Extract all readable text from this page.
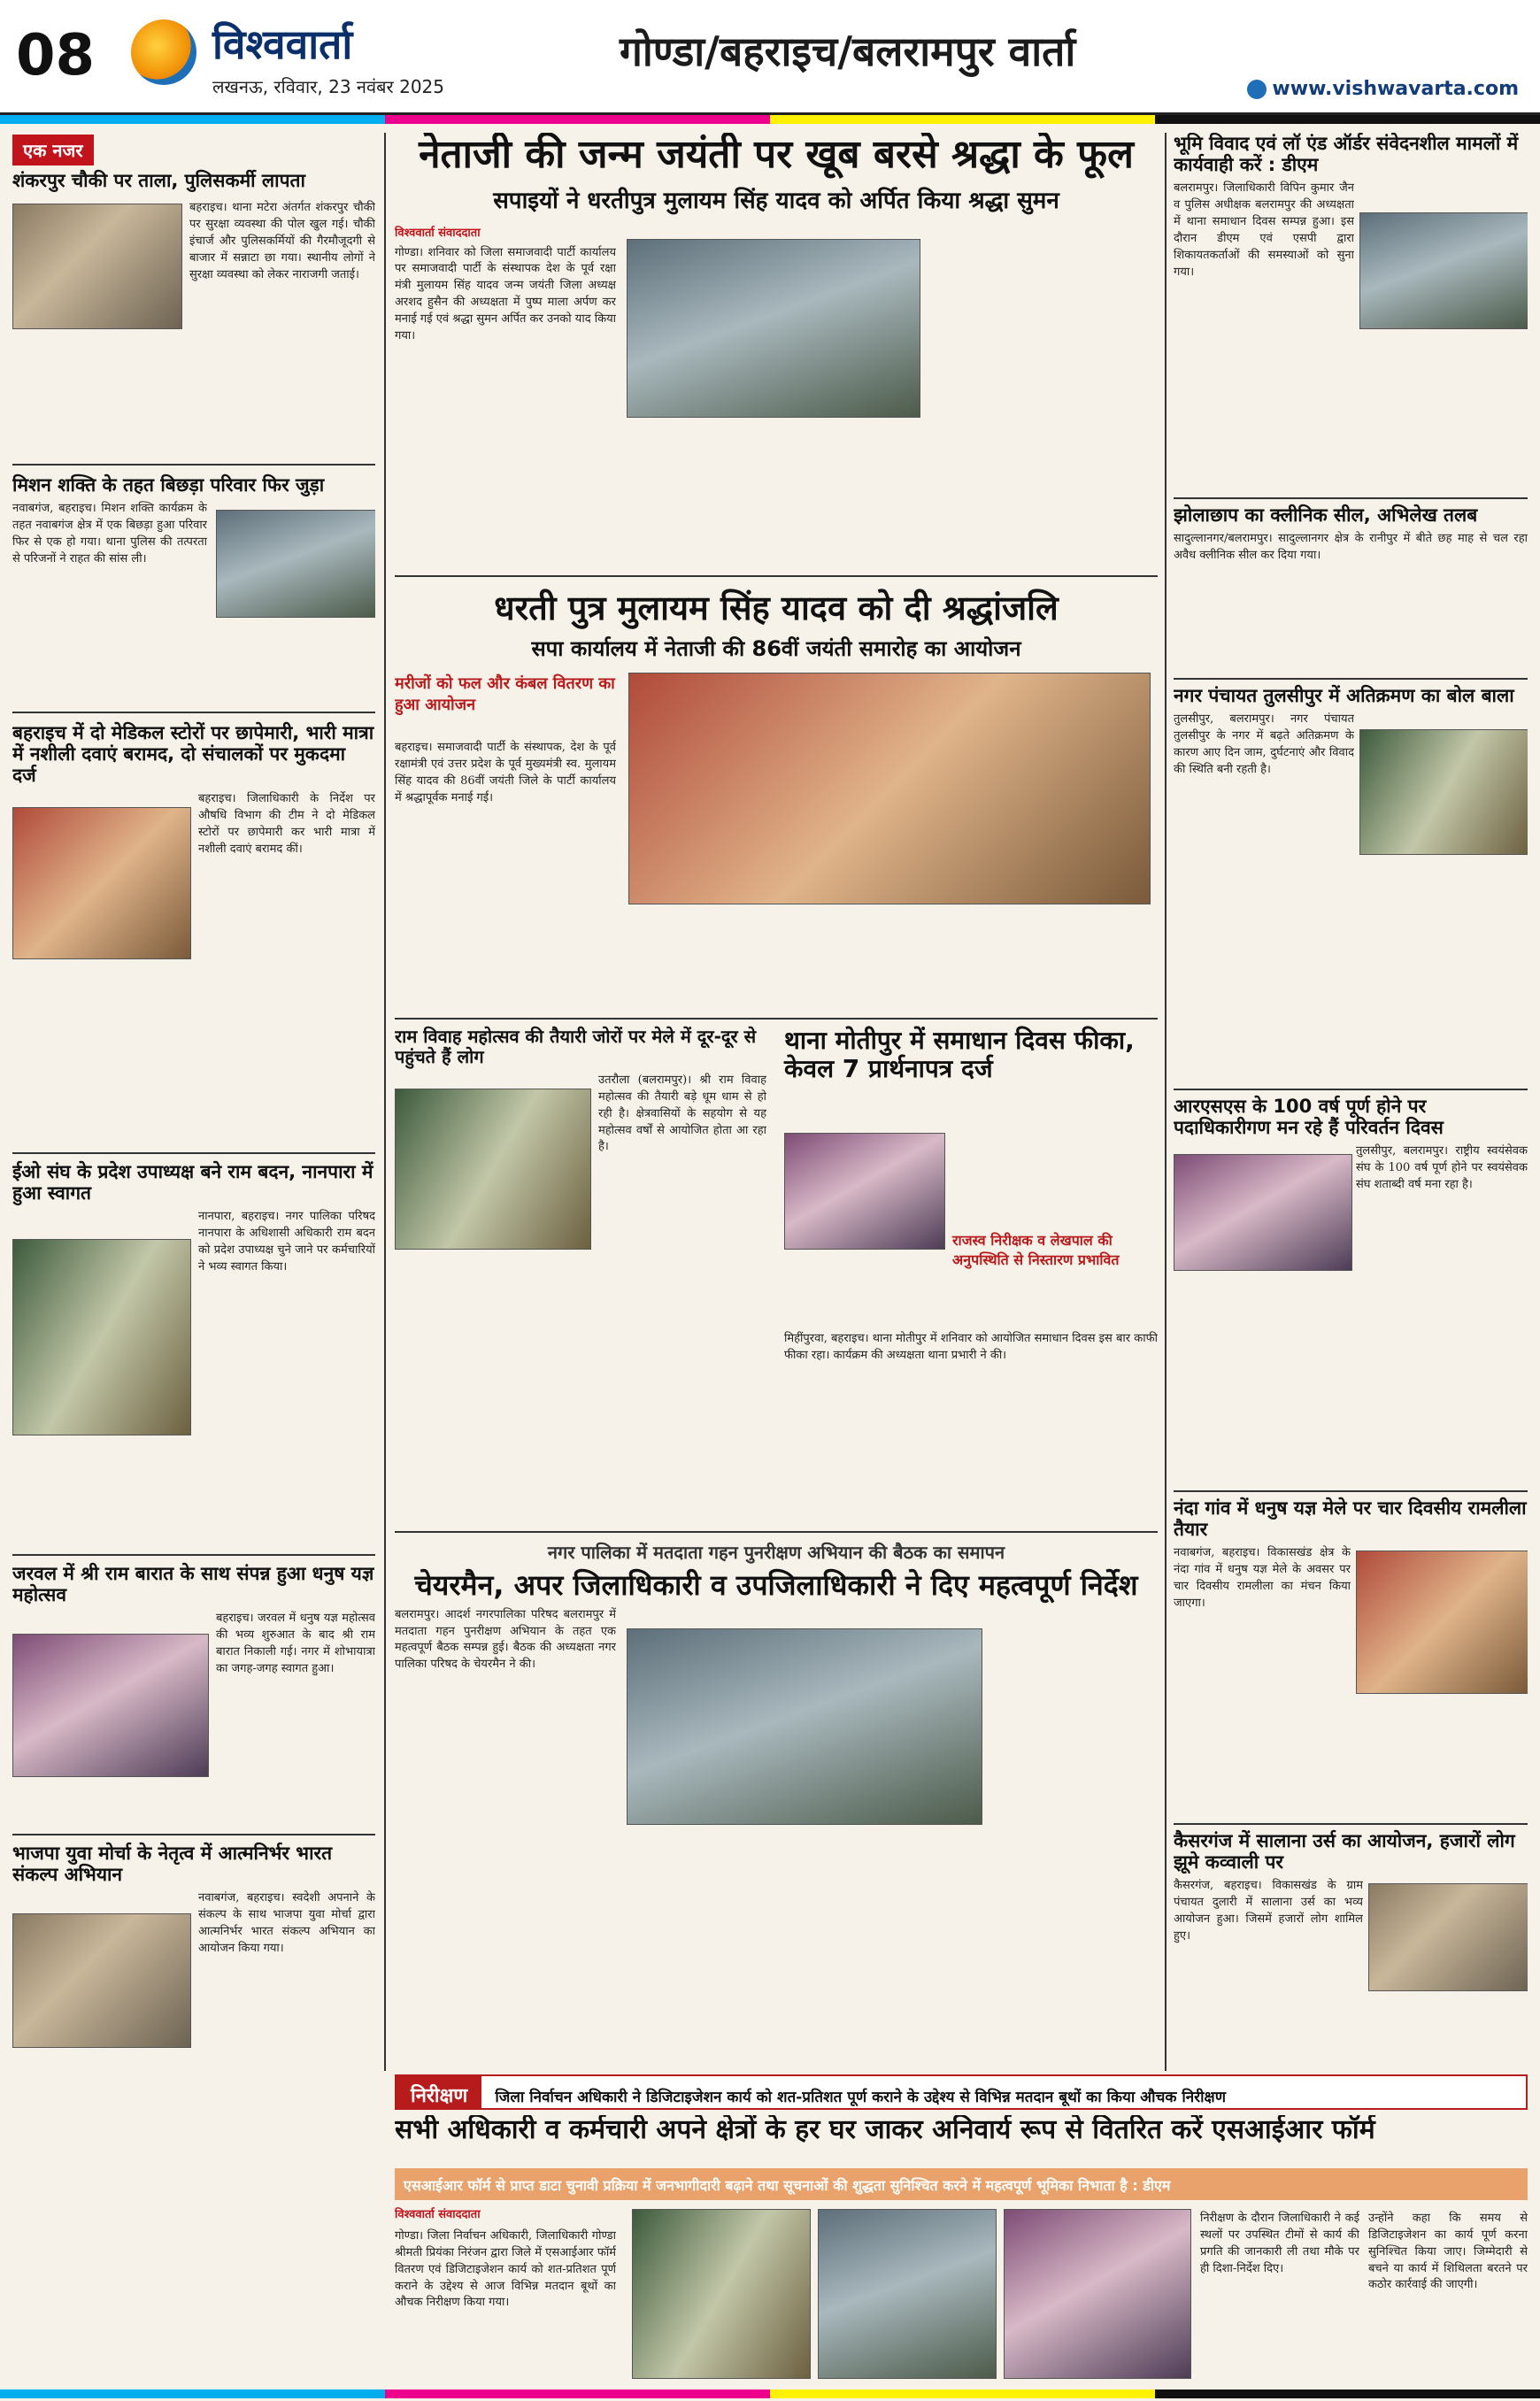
08	विश्ववार्ता
लखनऊ, रविवार, 23 नवंबर 2025
गोण्डा/बहराइच/बलरामपुर वार्ता
www.vishwavarta.com
एक नजर
शंकरपुर चौकी पर ताला, पुलिसकर्मी लापता

बहराइच। थाना मटेरा अंतर्गत शंकरपुर चौकी पर सुरक्षा व्यवस्था की पोल खुल गई। चौकी इंचार्ज और पुलिसकर्मियों की गैरमौजूदगी से बाजार में सन्नाटा छा गया। स्थानीय लोगों ने सुरक्षा व्यवस्था को लेकर नाराजगी जताई।

मिशन शक्ति के तहत बिछड़ा परिवार फिर जुड़ा

नवाबगंज, बहराइच। मिशन शक्ति कार्यक्रम के तहत नवाबगंज क्षेत्र में एक बिछड़ा हुआ परिवार फिर से एक हो गया। थाना पुलिस की तत्परता से परिजनों ने राहत की सांस ली।

बहराइच में दो मेडिकल स्टोरों पर छापेमारी, भारी मात्रा में नशीली दवाएं बरामद, दो संचालकों पर मुकदमा दर्ज

बहराइच। जिलाधिकारी के निर्देश पर औषधि विभाग की टीम ने दो मेडिकल स्टोरों पर छापेमारी कर भारी मात्रा में नशीली दवाएं बरामद कीं।

ईओ संघ के प्रदेश उपाध्यक्ष बने राम बदन, नानपारा में हुआ स्वागत

नानपारा, बहराइच। नगर पालिका परिषद नानपारा के अधिशासी अधिकारी राम बदन को प्रदेश उपाध्यक्ष चुने जाने पर कर्मचारियों ने भव्य स्वागत किया।

जरवल में श्री राम बारात के साथ संपन्न हुआ धनुष यज्ञ महोत्सव

बहराइच। जरवल में धनुष यज्ञ महोत्सव की भव्य शुरुआत के बाद श्री राम बारात निकाली गई। नगर में शोभायात्रा का जगह-जगह स्वागत हुआ।

भाजपा युवा मोर्चा के नेतृत्व में आत्मनिर्भर भारत संकल्प अभियान

नवाबगंज, बहराइच। स्वदेशी अपनाने के संकल्प के साथ भाजपा युवा मोर्चा द्वारा आत्मनिर्भर भारत संकल्प अभियान का आयोजन किया गया।

नेताजी की जन्म जयंती पर खूब बरसे श्रद्धा के फूल
सपाइयों ने धरतीपुत्र मुलायम सिंह यादव को अर्पित किया श्रद्धा सुमन
विश्ववार्ता संवाददाता

गोण्डा। शनिवार को जिला समाजवादी पार्टी कार्यालय पर समाजवादी पार्टी के संस्थापक देश के पूर्व रक्षा मंत्री मुलायम सिंह यादव जन्म जयंती जिला अध्यक्ष अरशद हुसैन की अध्यक्षता में पुष्प माला अर्पण कर मनाई गई एवं श्रद्धा सुमन अर्पित कर उनको याद किया गया।

धरती पुत्र मुलायम सिंह यादव को दी श्रद्धांजलि
सपा कार्यालय में नेताजी की 86वीं जयंती समारोह का आयोजन
मरीजों को फल और कंबल वितरण का हुआ आयोजन

बहराइच। समाजवादी पार्टी के संस्थापक, देश के पूर्व रक्षामंत्री एवं उत्तर प्रदेश के पूर्व मुख्यमंत्री स्व. मुलायम सिंह यादव की 86वीं जयंती जिले के पार्टी कार्यालय में श्रद्धापूर्वक मनाई गई।

राम विवाह महोत्सव की तैयारी जोरों पर मेले में दूर-दूर से पहुंचते हैं लोग

उतरौला (बलरामपुर)। श्री राम विवाह महोत्सव की तैयारी बड़े धूम धाम से हो रही है। क्षेत्रवासियों के सहयोग से यह महोत्सव वर्षों से आयोजित होता आ रहा है।

थाना मोतीपुर में समाधान दिवस फीका, केवल 7 प्रार्थनापत्र दर्ज
राजस्व निरीक्षक व लेखपाल की अनुपस्थिति से निस्तारण प्रभावित

मिहींपुरवा, बहराइच। थाना मोतीपुर में शनिवार को आयोजित समाधान दिवस इस बार काफी फीका रहा। कार्यक्रम की अध्यक्षता थाना प्रभारी ने की।

नगर पालिका में मतदाता गहन पुनरीक्षण अभियान की बैठक का समापन
चेयरमैन, अपर जिलाधिकारी व उपजिलाधिकारी ने दिए महत्वपूर्ण निर्देश

बलरामपुर। आदर्श नगरपालिका परिषद बलरामपुर में मतदाता गहन पुनरीक्षण अभियान के तहत एक महत्वपूर्ण बैठक सम्पन्न हुई। बैठक की अध्यक्षता नगर पालिका परिषद के चेयरमैन ने की।

भूमि विवाद एवं लॉ एंड ऑर्डर संवेदनशील मामलों में कार्यवाही करें : डीएम

बलरामपुर। जिलाधिकारी विपिन कुमार जैन व पुलिस अधीक्षक बलरामपुर की अध्यक्षता में थाना समाधान दिवस सम्पन्न हुआ। इस दौरान डीएम एवं एसपी द्वारा शिकायतकर्ताओं की समस्याओं को सुना गया।

झोलाछाप का क्लीनिक सील, अभिलेख तलब

सादुल्लानगर/बलरामपुर। सादुल्लानगर क्षेत्र के रानीपुर में बीते छह माह से चल रहा अवैध क्लीनिक सील कर दिया गया।

नगर पंचायत तुलसीपुर में अतिक्रमण का बोल बाला

तुलसीपुर, बलरामपुर। नगर पंचायत तुलसीपुर के नगर में बढ़ते अतिक्रमण के कारण आए दिन जाम, दुर्घटनाएं और विवाद की स्थिति बनी रहती है।

आरएसएस के 100 वर्ष पूर्ण होने पर पदाधिकारीगण मन रहे हैं परिवर्तन दिवस

तुलसीपुर, बलरामपुर। राष्ट्रीय स्वयंसेवक संघ के 100 वर्ष पूर्ण होने पर स्वयंसेवक संघ शताब्दी वर्ष मना रहा है।

नंदा गांव में धनुष यज्ञ मेले पर चार दिवसीय रामलीला तैयार

नवाबगंज, बहराइच। विकासखंड क्षेत्र के नंदा गांव में धनुष यज्ञ मेले के अवसर पर चार दिवसीय रामलीला का मंचन किया जाएगा।

कैसरगंज में सालाना उर्स का आयोजन, हजारों लोग झूमे कव्वाली पर

कैसरगंज, बहराइच। विकासखंड के ग्राम पंचायत दुलारी में सालाना उर्स का भव्य आयोजन हुआ। जिसमें हजारों लोग शामिल हुए।

निरीक्षण जिला निर्वाचन अधिकारी ने डिजिटाइजेशन कार्य को शत-प्रतिशत पूर्ण कराने के उद्देश्य से विभिन्न मतदान बूथों का किया औचक निरीक्षण
सभी अधिकारी व कर्मचारी अपने क्षेत्रों के हर घर जाकर अनिवार्य रूप से वितरित करें एसआईआर फॉर्म
एसआईआर फॉर्म से प्राप्त डाटा चुनावी प्रक्रिया में जनभागीदारी बढ़ाने तथा सूचनाओं की शुद्धता सुनिश्चित करने में महत्वपूर्ण भूमिका निभाता है : डीएम
विश्ववार्ता संवाददाता

गोण्डा। जिला निर्वाचन अधिकारी, जिलाधिकारी गोण्डा श्रीमती प्रियंका निरंजन द्वारा जिले में एसआईआर फॉर्म वितरण एवं डिजिटाइजेशन कार्य को शत-प्रतिशत पूर्ण कराने के उद्देश्य से आज विभिन्न मतदान बूथों का औचक निरीक्षण किया गया।

निरीक्षण के दौरान जिलाधिकारी ने कई स्थलों पर उपस्थित टीमों से कार्य की प्रगति की जानकारी ली तथा मौके पर ही दिशा-निर्देश दिए।

उन्होंने कहा कि समय से डिजिटाइजेशन का कार्य पूर्ण करना सुनिश्चित किया जाए। जिम्मेदारी से बचने या कार्य में शिथिलता बरतने पर कठोर कार्रवाई की जाएगी।
